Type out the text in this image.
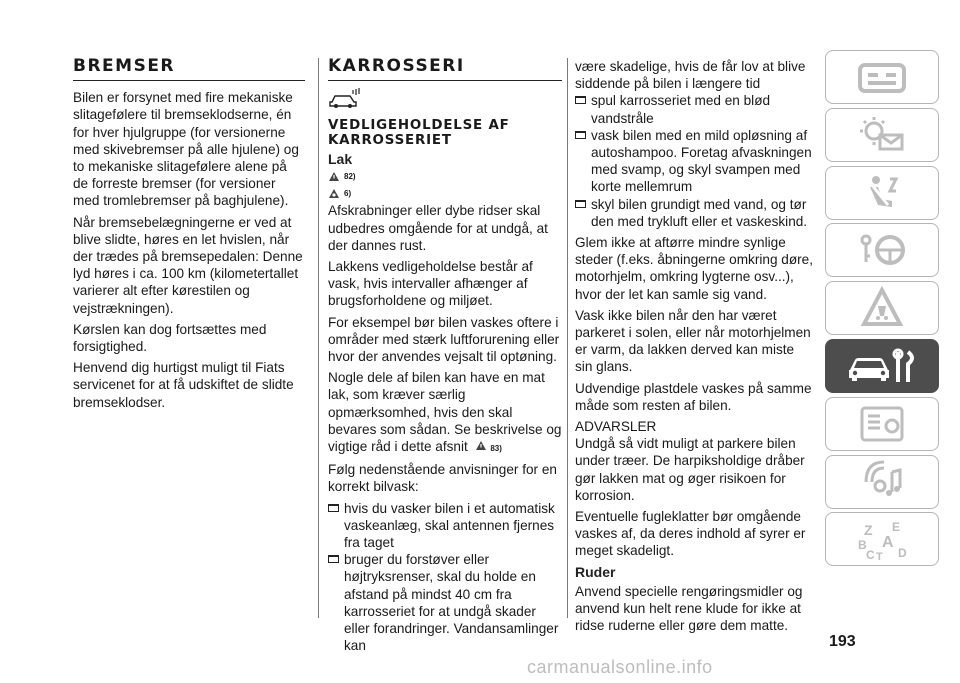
BREMSER

Bilen er forsynet med fire mekaniske slitagefølere til bremseklodserne, én for hver hjulgruppe (for versionerne med skivebremser på alle hjulene) og to mekaniske slitagefølere alene på de forreste bremser (for versioner med tromlebremser på baghjulene).

Når bremsebelægningerne er ved at blive slidte, høres en let hvislen, når der trædes på bremsepedalen: Denne lyd høres i ca. 100 km (kilometertallet varierer alt efter kørestilen og vejstrækningen).

Kørslen kan dog fortsættes med forsigtighed.

Henvend dig hurtigst muligt til Fiats servicenet for at få udskiftet de slidte bremseklodser.

KARROSSERI
VEDLIGEHOLDELSE AF KARROSSERIET
Lak
82)
6)

Afskrabninger eller dybe ridser skal udbedres omgående for at undgå, at der dannes rust.

Lakkens vedligeholdelse består af vask, hvis intervaller afhænger af brugsforholdene og miljøet.

For eksempel bør bilen vaskes oftere i områder med stærk luftforurening eller hvor der anvendes vejsalt til optøning.

Nogle dele af bilen kan have en mat lak, som kræver særlig opmærksomhed, hvis den skal bevares som sådan. Se beskrivelse og vigtige råd i dette afsnit	83)

Følg nedenstående anvisninger for en korrekt bilvask:

hvis du vasker bilen i et automatisk vaskeanlæg, skal antennen fjernes fra taget
bruger du forstøver eller højtryksrenser, skal du holde en afstand på mindst 40 cm fra karrosseriet for at undgå skader eller forandringer. Vandansamlinger kan

være skadelige, hvis de får lov at blive siddende på bilen i længere tid

spul karrosseriet med en blød vandstråle
vask bilen med en mild opløsning af autoshampoo. Foretag afvaskningen med svamp, og skyl svampen med korte mellemrum
skyl bilen grundigt med vand, og tør den med trykluft eller et vaskeskind.

Glem ikke at aftørre mindre synlige steder (f.eks. åbningerne omkring døre, motorhjelm, omkring lygterne osv...), hvor der let kan samle sig vand.

Vask ikke bilen når den har været parkeret i solen, eller når motorhjelmen er varm, da lakken derved kan miste sin glans.

Udvendige plastdele vaskes på samme måde som resten af bilen.

ADVARSLER

Undgå så vidt muligt at parkere bilen under træer. De harpiksholdige dråber gør lakken mat og øger risikoen for korrosion.

Eventuelle fugleklatter bør omgående vaskes af, da deres indhold af syrer er meget skadeligt.

Ruder

Anvend specielle rengøringsmidler og anvend kun helt rene klude for ikke at ridse ruderne eller gøre dem matte.

Z E
B A
C T D
193
carmanualsonline.info
